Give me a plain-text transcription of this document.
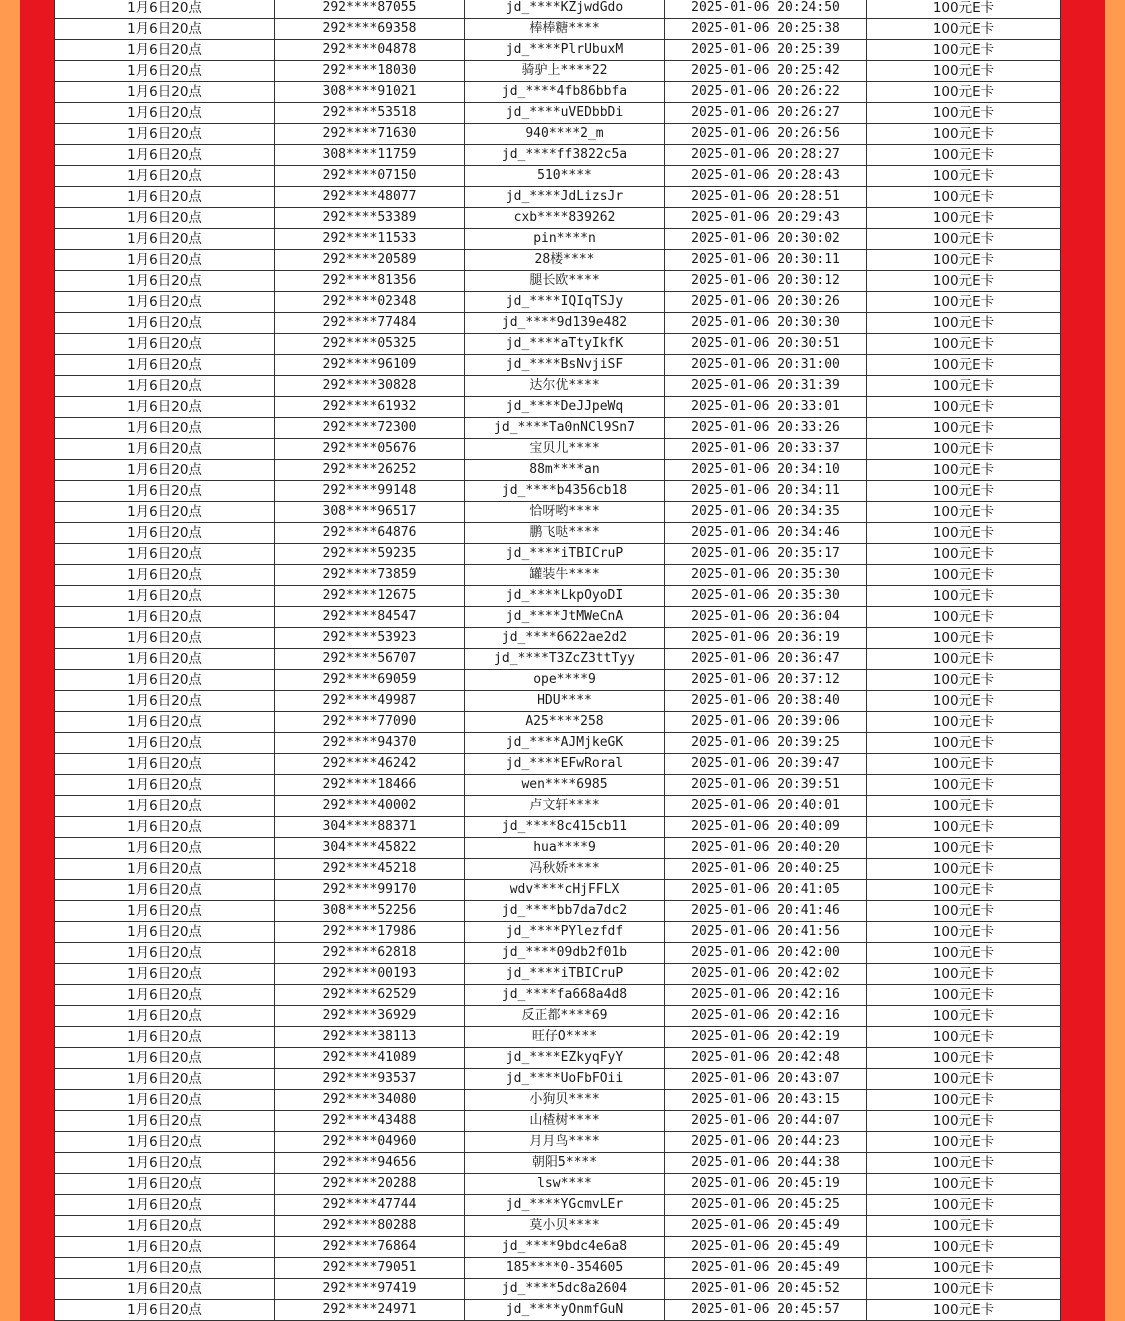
1月6日20点	292****87055	jd_****KZjwdGdo	2025-01-06 20:24:50	100元E卡
1月6日20点	292****69358	棒棒糖****	2025-01-06 20:25:38	100元E卡
1月6日20点	292****04878	jd_****PlrUbuxM	2025-01-06 20:25:39	100元E卡
1月6日20点	292****18030	骑驴上****22	2025-01-06 20:25:42	100元E卡
1月6日20点	308****91021	jd_****4fb86bbfa	2025-01-06 20:26:22	100元E卡
1月6日20点	292****53518	jd_****uVEDbbDi	2025-01-06 20:26:27	100元E卡
1月6日20点	292****71630	940****2_m	2025-01-06 20:26:56	100元E卡
1月6日20点	308****11759	jd_****ff3822c5a	2025-01-06 20:28:27	100元E卡
1月6日20点	292****07150	510****	2025-01-06 20:28:43	100元E卡
1月6日20点	292****48077	jd_****JdLizsJr	2025-01-06 20:28:51	100元E卡
1月6日20点	292****53389	cxb****839262	2025-01-06 20:29:43	100元E卡
1月6日20点	292****11533	pin****n	2025-01-06 20:30:02	100元E卡
1月6日20点	292****20589	28楼****	2025-01-06 20:30:11	100元E卡
1月6日20点	292****81356	腿长欧****	2025-01-06 20:30:12	100元E卡
1月6日20点	292****02348	jd_****IQIqTSJy	2025-01-06 20:30:26	100元E卡
1月6日20点	292****77484	jd_****9d139e482	2025-01-06 20:30:30	100元E卡
1月6日20点	292****05325	jd_****aTtyIkfK	2025-01-06 20:30:51	100元E卡
1月6日20点	292****96109	jd_****BsNvjiSF	2025-01-06 20:31:00	100元E卡
1月6日20点	292****30828	达尔优****	2025-01-06 20:31:39	100元E卡
1月6日20点	292****61932	jd_****DeJJpeWq	2025-01-06 20:33:01	100元E卡
1月6日20点	292****72300	jd_****Ta0nNCl9Sn7	2025-01-06 20:33:26	100元E卡
1月6日20点	292****05676	宝贝儿****	2025-01-06 20:33:37	100元E卡
1月6日20点	292****26252	88m****an	2025-01-06 20:34:10	100元E卡
1月6日20点	292****99148	jd_****b4356cb18	2025-01-06 20:34:11	100元E卡
1月6日20点	308****96517	恰呀哟****	2025-01-06 20:34:35	100元E卡
1月6日20点	292****64876	鹏飞哒****	2025-01-06 20:34:46	100元E卡
1月6日20点	292****59235	jd_****iTBICruP	2025-01-06 20:35:17	100元E卡
1月6日20点	292****73859	罐装牛****	2025-01-06 20:35:30	100元E卡
1月6日20点	292****12675	jd_****LkpOyoDI	2025-01-06 20:35:30	100元E卡
1月6日20点	292****84547	jd_****JtMWeCnA	2025-01-06 20:36:04	100元E卡
1月6日20点	292****53923	jd_****6622ae2d2	2025-01-06 20:36:19	100元E卡
1月6日20点	292****56707	jd_****T3ZcZ3ttTyy	2025-01-06 20:36:47	100元E卡
1月6日20点	292****69059	ope****9	2025-01-06 20:37:12	100元E卡
1月6日20点	292****49987	HDU****	2025-01-06 20:38:40	100元E卡
1月6日20点	292****77090	A25****258	2025-01-06 20:39:06	100元E卡
1月6日20点	292****94370	jd_****AJMjkeGK	2025-01-06 20:39:25	100元E卡
1月6日20点	292****46242	jd_****EFwRoral	2025-01-06 20:39:47	100元E卡
1月6日20点	292****18466	wen****6985	2025-01-06 20:39:51	100元E卡
1月6日20点	292****40002	卢文轩****	2025-01-06 20:40:01	100元E卡
1月6日20点	304****88371	jd_****8c415cb11	2025-01-06 20:40:09	100元E卡
1月6日20点	304****45822	hua****9	2025-01-06 20:40:20	100元E卡
1月6日20点	292****45218	冯秋娇****	2025-01-06 20:40:25	100元E卡
1月6日20点	292****99170	wdv****cHjFFLX	2025-01-06 20:41:05	100元E卡
1月6日20点	308****52256	jd_****bb7da7dc2	2025-01-06 20:41:46	100元E卡
1月6日20点	292****17986	jd_****PYlezfdf	2025-01-06 20:41:56	100元E卡
1月6日20点	292****62818	jd_****09db2f01b	2025-01-06 20:42:00	100元E卡
1月6日20点	292****00193	jd_****iTBICruP	2025-01-06 20:42:02	100元E卡
1月6日20点	292****62529	jd_****fa668a4d8	2025-01-06 20:42:16	100元E卡
1月6日20点	292****36929	反正都****69	2025-01-06 20:42:16	100元E卡
1月6日20点	292****38113	旺仔O****	2025-01-06 20:42:19	100元E卡
1月6日20点	292****41089	jd_****EZkyqFyY	2025-01-06 20:42:48	100元E卡
1月6日20点	292****93537	jd_****UoFbFOii	2025-01-06 20:43:07	100元E卡
1月6日20点	292****34080	小狗贝****	2025-01-06 20:43:15	100元E卡
1月6日20点	292****43488	山楂树****	2025-01-06 20:44:07	100元E卡
1月6日20点	292****04960	月月鸟****	2025-01-06 20:44:23	100元E卡
1月6日20点	292****94656	朝阳5****	2025-01-06 20:44:38	100元E卡
1月6日20点	292****20288	lsw****	2025-01-06 20:45:19	100元E卡
1月6日20点	292****47744	jd_****YGcmvLEr	2025-01-06 20:45:25	100元E卡
1月6日20点	292****80288	莫小贝****	2025-01-06 20:45:49	100元E卡
1月6日20点	292****76864	jd_****9bdc4e6a8	2025-01-06 20:45:49	100元E卡
1月6日20点	292****79051	185****0-354605	2025-01-06 20:45:49	100元E卡
1月6日20点	292****97419	jd_****5dc8a2604	2025-01-06 20:45:52	100元E卡
1月6日20点	292****24971	jd_****yOnmfGuN	2025-01-06 20:45:57	100元E卡
